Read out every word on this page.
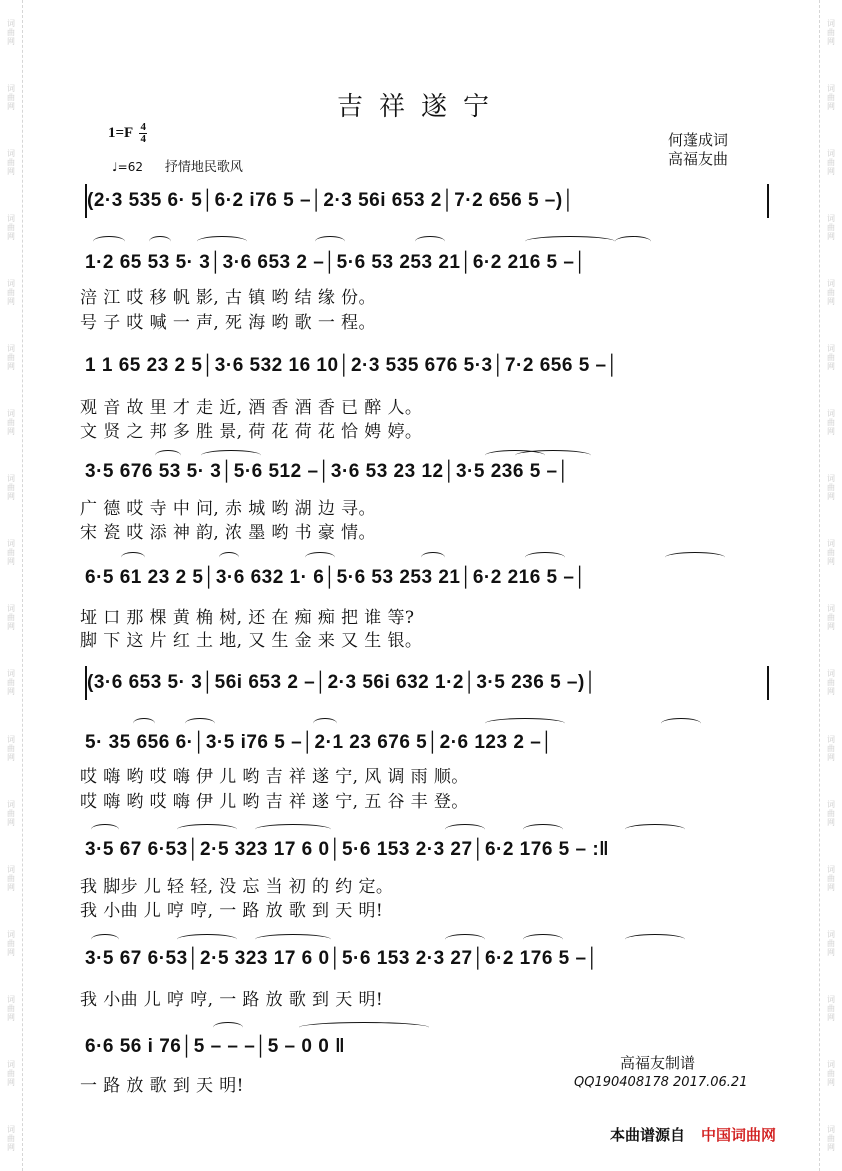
词
曲
网
词
曲
网
词
曲
网
词
曲
网
词
曲
网
词
曲
网
词
曲
网
词
曲
网
词
曲
网
词
曲
网
词
曲
网
词
曲
网
词
曲
网
词
曲
网
词
曲
网
词
曲
网
词
曲
网
词
曲
网
词
曲
网
词
曲
网
词
曲
网
词
曲
网
词
曲
网
词
曲
网
词
曲
网
词
曲
网
词
曲
网
词
曲
网
词
曲
网
词
曲
网
词
曲
网
词
曲
网
词
曲
网
词
曲
网
词
曲
网
词
曲
网
吉祥遂宁
1=F 4
4
♩=62 抒情地民歌风
何蓬成词
高福友曲
(2·3 535 6· 5│6·2 i76 5 –│2·3 56i 653 2│7·2 656 5 –)│
1·2 65 53 5· 3│3·6 653 2 –│5·6 53 253 21│6·2 216 5 –│
涪 江 哎 移 帆 影, 古 镇 哟 结 缘 份。
号 子 哎 喊 一 声, 死 海 哟 歌 一 程。
1 1 65 23 2 5│3·6 532 16 10│2·3 535 676 5·3│7·2 656 5 –│
观 音 故 里 才 走 近, 酒 香 酒 香 已 醉 人。
文 贤 之 邦 多 胜 景, 荷 花 荷 花 恰 娉 婷。
3·5 676 53 5· 3│5·6 512 –│3·6 53 23 12│3·5 236 5 –│
广 德 哎 寺 中 问, 赤 城 哟 湖 边 寻。
宋 瓷 哎 添 神 韵, 浓 墨 哟 书 豪 情。
6·5 61 23 2 5│3·6 632 1· 6│5·6 53 253 21│6·2 216 5 –│
垭 口 那 棵 黄 桷 树, 还 在 痴 痴 把 谁 等?
脚 下 这 片 红 土 地, 又 生 金 来 又 生 银。
(3·6 653 5· 3│56i 653 2 –│2·3 56i 632 1·2│3·5 236 5 –)│
5· 35 656 6·│3·5 i76 5 –│2·1 23 676 5│2·6 123 2 –│
哎 嗨 哟 哎 嗨 伊 儿 哟 吉 祥 遂 宁, 风 调 雨 顺。
哎 嗨 哟 哎 嗨 伊 儿 哟 吉 祥 遂 宁, 五 谷 丰 登。
3·5 67 6·53│2·5 323 17 6 0│5·6 153 2·3 27│6·2 176 5 – :‖
我 脚步 儿 轻 轻, 没 忘 当 初 的 约 定。
我 小曲 儿 哼 哼, 一 路 放 歌 到 天 明!
3·5 67 6·53│2·5 323 17 6 0│5·6 153 2·3 27│6·2 176 5 –│
我 小曲 儿 哼 哼, 一 路 放 歌 到 天 明!
6·6 56 i 76│5 – – –│5 – 0 0 ‖
一 路 放 歌 到 天 明!
高福友制谱
QQ190408178 2017.06.21
本曲谱源自 中国词曲网
